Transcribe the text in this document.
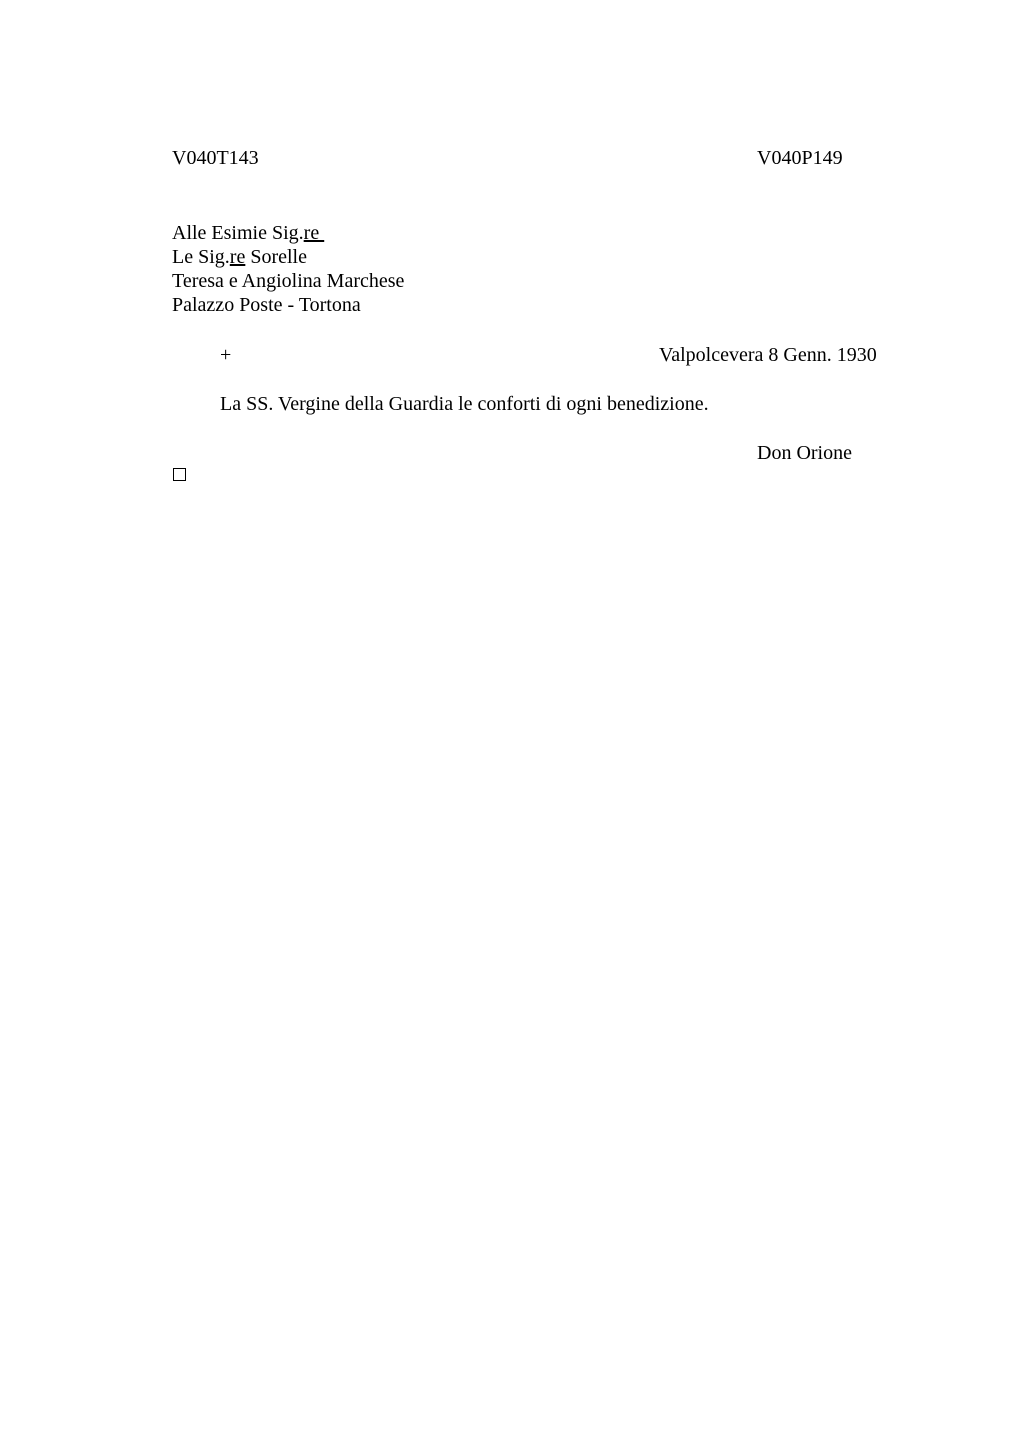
V040T143	V040P149
Alle Esimie Sig.re
Le Sig.re Sorelle
Teresa e Angiolina Marchese
Palazzo Poste - Tortona
+	Valpolcevera 8 Genn. 1930
La SS. Vergine della Guardia le conforti di ogni benedizione.
Don Orione
